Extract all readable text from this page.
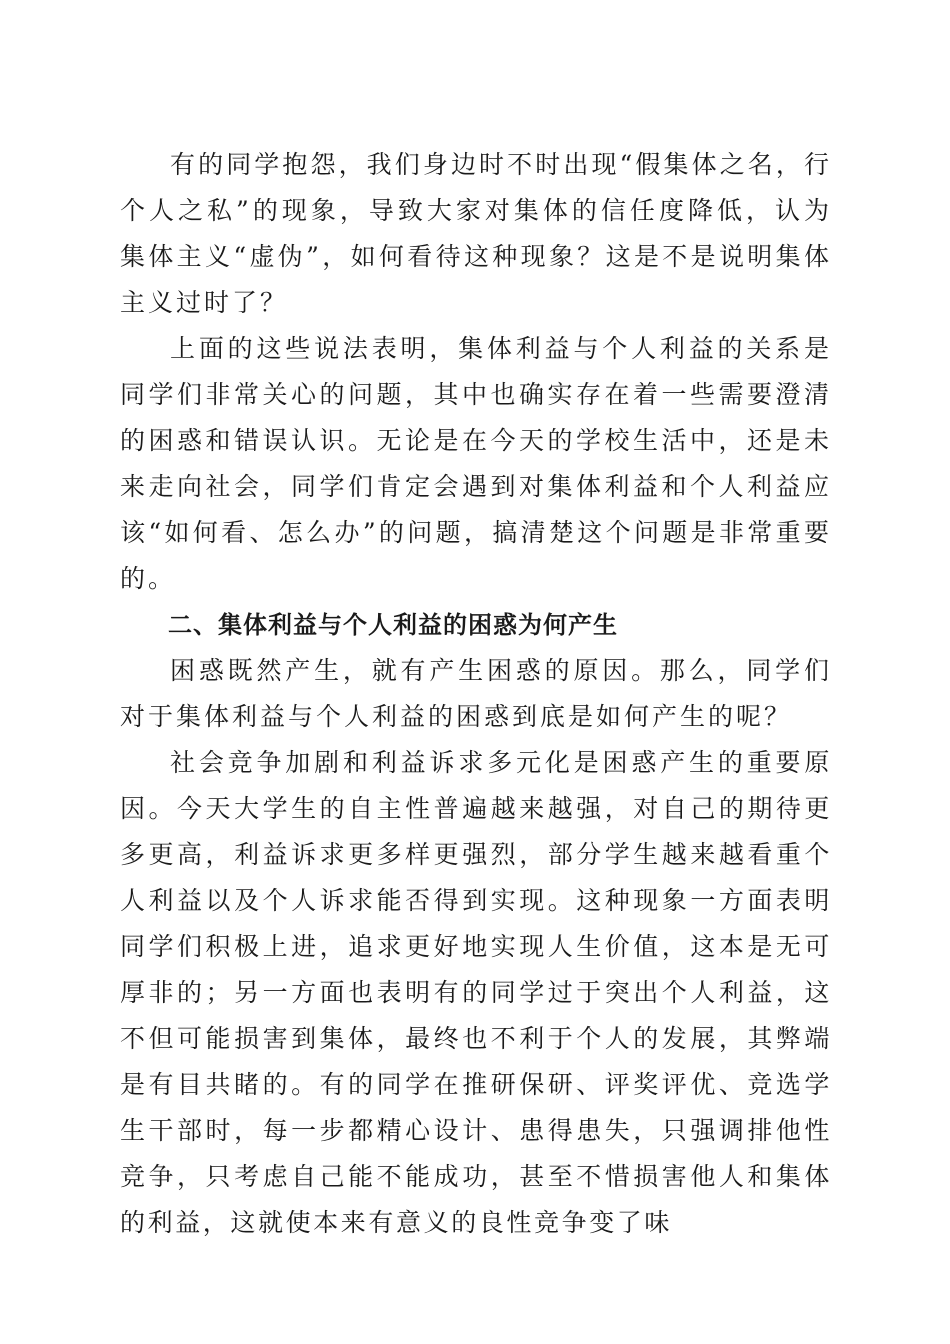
有的同学抱怨，我们身边时不时出现“假集体之名，行个人之私”的现象，导致大家对集体的信任度降低，认为集体主义“虚伪”，如何看待这种现象？这是不是说明集体主义过时了？

上面的这些说法表明，集体利益与个人利益的关系是同学们非常关心的问题，其中也确实存在着一些需要澄清的困惑和错误认识。无论是在今天的学校生活中，还是未来走向社会，同学们肯定会遇到对集体利益和个人利益应该“如何看、怎么办”的问题，搞清楚这个问题是非常重要的。

二、集体利益与个人利益的困惑为何产生

困惑既然产生，就有产生困惑的原因。那么，同学们对于集体利益与个人利益的困惑到底是如何产生的呢？

社会竞争加剧和利益诉求多元化是困惑产生的重要原因。今天大学生的自主性普遍越来越强，对自己的期待更多更高，利益诉求更多样更强烈，部分学生越来越看重个人利益以及个人诉求能否得到实现。这种现象一方面表明同学们积极上进，追求更好地实现人生价值，这本是无可厚非的；另一方面也表明有的同学过于突出个人利益，这不但可能损害到集体，最终也不利于个人的发展，其弊端是有目共睹的。有的同学在推研保研、评奖评优、竞选学生干部时，每一步都精心设计、患得患失，只强调排他性竞争，只考虑自己能不能成功，甚至不惜损害他人和集体的利益，这就使本来有意义的良性竞争变了味
